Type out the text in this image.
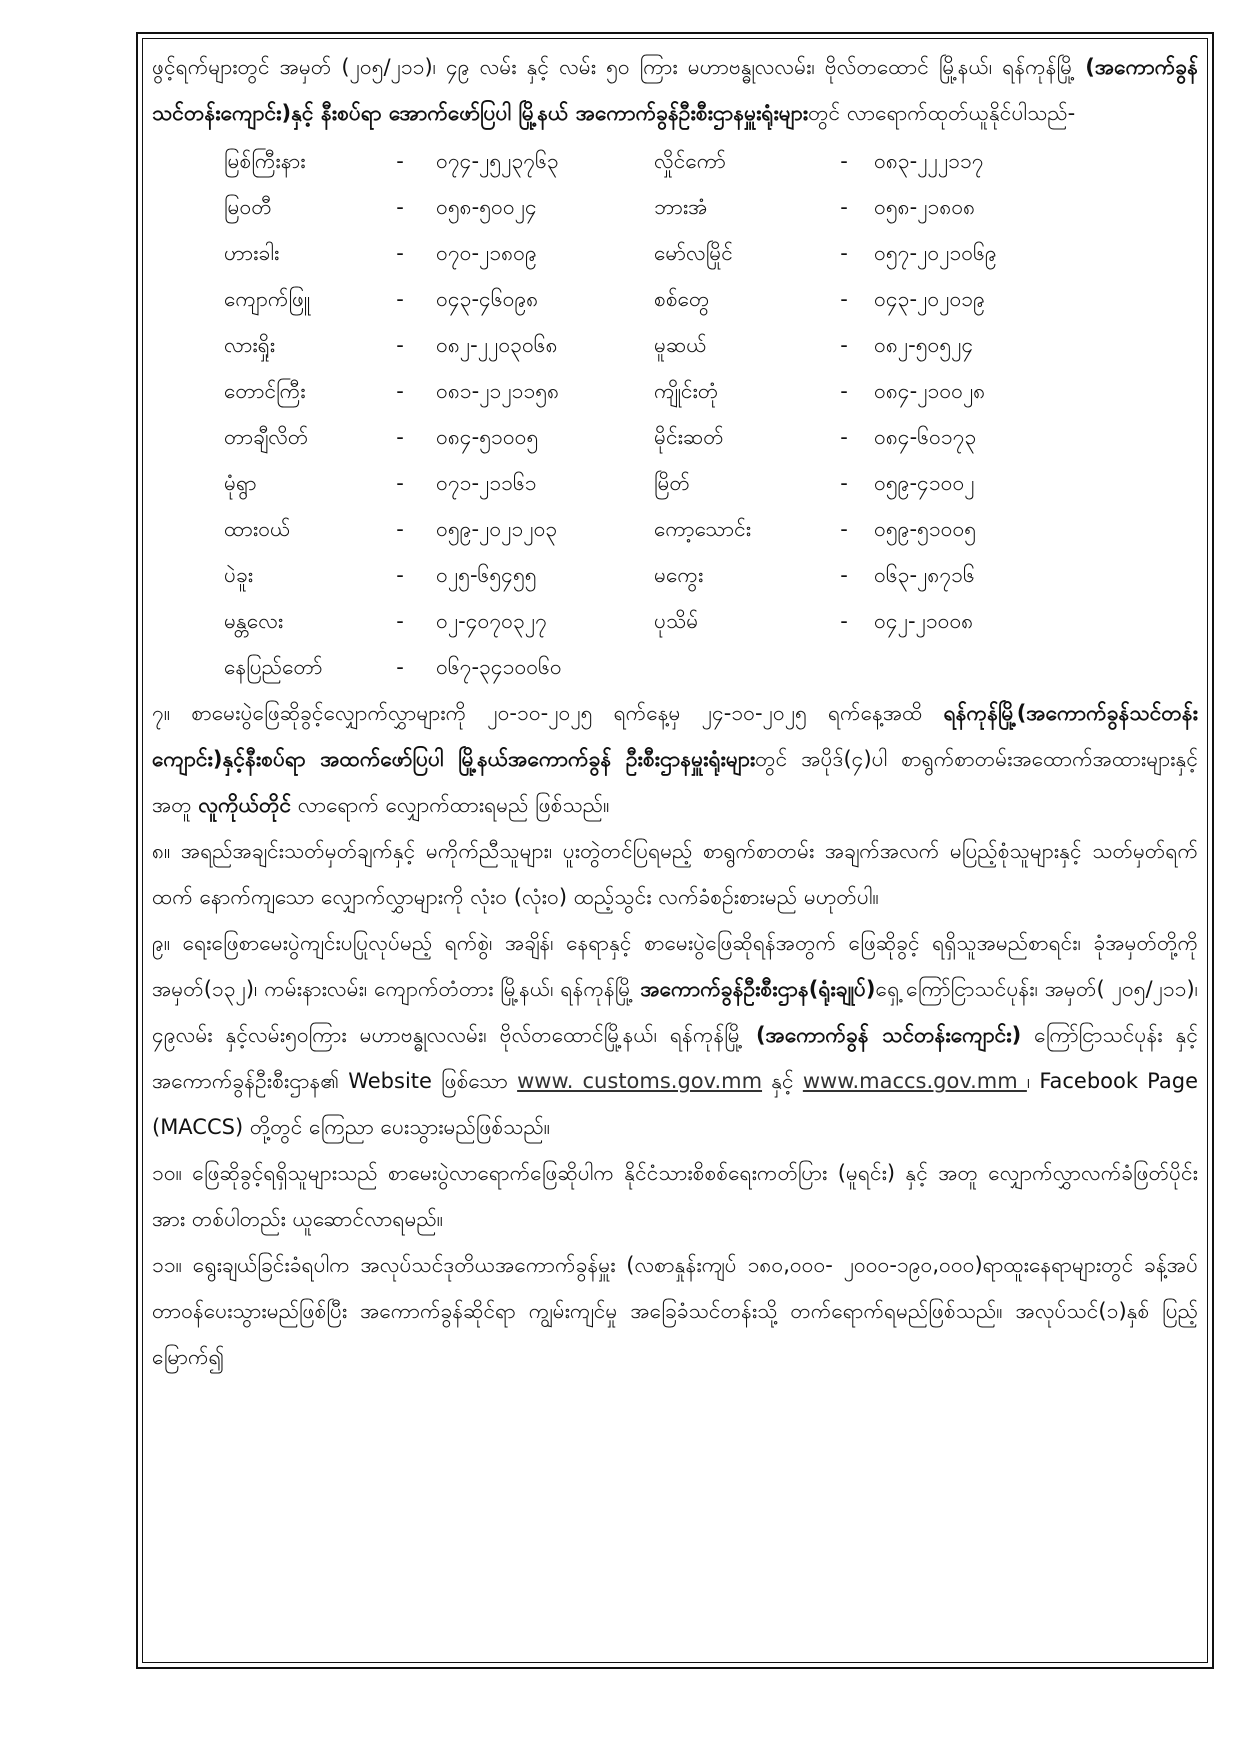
ဖွင့်ရက်များတွင် အမှတ် (၂၀၅/၂၁၁)၊ ၄၉ လမ်း နှင့် လမ်း ၅၀ ကြား မဟာဗန္ဓုလလမ်း၊ ဗိုလ်တထောင် မြို့နယ်၊ ရန်ကုန်မြို့ (အကောက်ခွန်သင်တန်းကျောင်း)နှင့် နီးစပ်ရာ အောက်ဖော်ပြပါ မြို့နယ် အကောက်ခွန်ဦးစီးဌာနမှူးရုံးများတွင် လာရောက်ထုတ်ယူနိုင်ပါသည်-

မြစ်ကြီးနား	-	၀၇၄-၂၅၂၃၇၆၃	လှိုင်ကော်	-	၀၈၃-၂၂၂၁၁၇
မြဝတီ	-	၀၅၈-၅၀၀၂၄	ဘားအံ	-	၀၅၈-၂၁၈၀၈
ဟားခါး	-	၀၇၀-၂၁၈၀၉	မော်လမြိုင်	-	၀၅၇-၂၀၂၁၀၆၉
ကျောက်ဖြူ	-	၀၄၃-၄၆၀၉၈	စစ်တွေ	-	၀၄၃-၂၀၂၀၁၉
လားရှိုး	-	၀၈၂-၂၂၀၃၀၆၈	မူဆယ်	-	၀၈၂-၅၀၅၂၄
တောင်ကြီး	-	၀၈၁-၂၁၂၁၁၅၈	ကျိုင်းတုံ	-	၀၈၄-၂၁၀၀၂၈
တာချီလိတ်	-	၀၈၄-၅၁၀၀၅	မိုင်းဆတ်	-	၀၈၄-၆၀၁၇၃
မုံရွာ	-	၀၇၁-၂၁၁၆၁	မြိတ်	-	၀၅၉-၄၁၀၀၂
ထားဝယ်	-	၀၅၉-၂၀၂၁၂၀၃	ကော့သောင်း	-	၀၅၉-၅၁၀၀၅
ပဲခူး	-	၀၂၅-၆၅၄၅၅	မကွေး	-	၀၆၃-၂၈၇၁၆
မန္တလေး	-	၀၂-၄၀၇၀၃၂၇	ပုသိမ်	-	၀၄၂-၂၁၀၀၈
နေပြည်တော်	-	၀၆၇-၃၄၁၀၀၆၀

၇။ စာမေးပွဲဖြေဆိုခွင့်လျှောက်လွှာများကို ၂၀-၁၀-၂၀၂၅ ရက်နေ့မှ ၂၄-၁၀-၂၀၂၅ ရက်နေ့အထိ ရန်ကုန်မြို့(အကောက်ခွန်သင်တန်းကျောင်း)နှင့်နီးစပ်ရာ အထက်ဖော်ပြပါ မြို့နယ်အကောက်ခွန် ဦးစီးဌာနမှူးရုံးများတွင် အပိုဒ်(၄)ပါ စာရွက်စာတမ်းအထောက်အထားများနှင့်အတူ လူကိုယ်တိုင် လာရောက် လျှောက်ထားရမည် ဖြစ်သည်။

၈။ အရည်အချင်းသတ်မှတ်ချက်နှင့် မကိုက်ညီသူများ၊ ပူးတွဲတင်ပြရမည့် စာရွက်စာတမ်း အချက်အလက် မပြည့်စုံသူများနှင့် သတ်မှတ်ရက်ထက် နောက်ကျသော လျှောက်လွှာများကို လုံး၀ (လုံး၀) ထည့်သွင်း လက်ခံစဉ်းစားမည် မဟုတ်ပါ။

၉။ ရေးဖြေစာမေးပွဲကျင်းပပြုလုပ်မည့် ရက်စွဲ၊ အချိန်၊ နေရာနှင့် စာမေးပွဲဖြေဆိုရန်အတွက် ဖြေဆိုခွင့် ရရှိသူအမည်စာရင်း၊ ခုံအမှတ်တို့ကို အမှတ်(၁၃၂)၊ ကမ်းနားလမ်း၊ ကျောက်တံတား မြို့နယ်၊ ရန်ကုန်မြို့ အကောက်ခွန်ဦးစီးဌာန(ရုံးချုပ်)ရှေ့ ကြော်ငြာသင်ပုန်း၊ အမှတ်( ၂၀၅/၂၁၁)၊ ၄၉လမ်း နှင့်လမ်း၅၀ကြား မဟာဗန္ဓုလလမ်း၊ ဗိုလ်တထောင်မြို့နယ်၊ ရန်ကုန်မြို့ (အကောက်ခွန် သင်တန်းကျောင်း) ကြော်ငြာသင်ပုန်း နှင့် အကောက်ခွန်ဦးစီးဌာန၏ Website ဖြစ်သော www. customs.gov.mm နှင့် www.maccs.gov.mm ၊ Facebook Page (MACCS) တို့တွင် ကြေညာ ပေးသွားမည်ဖြစ်သည်။

၁၀။ ဖြေဆိုခွင့်ရရှိသူများသည် စာမေးပွဲလာရောက်ဖြေဆိုပါက နိုင်ငံသားစိစစ်ရေးကတ်ပြား (မူရင်း) နှင့် အတူ လျှောက်လွှာလက်ခံဖြတ်ပိုင်းအား တစ်ပါတည်း ယူဆောင်လာရမည်။

၁၁။ ရွေးချယ်ခြင်းခံရပါက အလုပ်သင်ဒုတိယအကောက်ခွန်မှူး (လစာနှုန်းကျပ် ၁၈၀,၀၀၀- ၂၀၀၀-၁၉၀,၀၀၀)ရာထူးနေရာများတွင် ခန့်အပ်တာဝန်ပေးသွားမည်ဖြစ်ပြီး အကောက်ခွန်ဆိုင်ရာ ကျွမ်းကျင်မှု အခြေခံသင်တန်းသို့ တက်ရောက်ရမည်ဖြစ်သည်။ အလုပ်သင်(၁)နှစ် ပြည့်မြောက်၍
